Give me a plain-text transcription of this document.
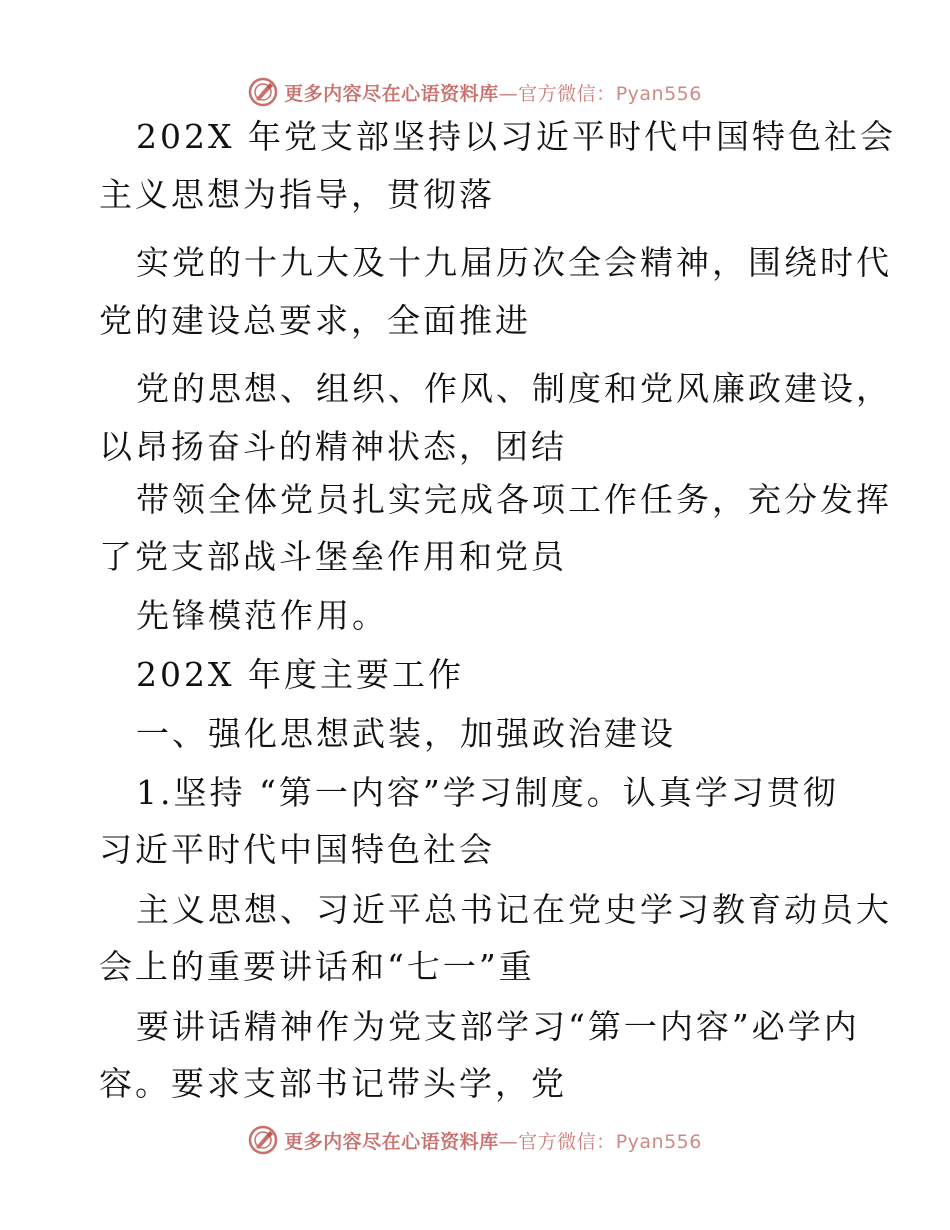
更多内容尽在心语资料库—官方微信：Pyan556
202X 年党支部坚持以习近平时代中国特色社会
主义思想为指导，贯彻落
实党的十九大及十九届历次全会精神，围绕时代
党的建设总要求，全面推进
党的思想、组织、作风、制度和党风廉政建设，
以昂扬奋斗的精神状态，团结
带领全体党员扎实完成各项工作任务，充分发挥
了党支部战斗堡垒作用和党员
先锋模范作用。
202X 年度主要工作
一、强化思想武装，加强政治建设
1.坚持 “第一内容”学习制度。认真学习贯彻
习近平时代中国特色社会
主义思想、习近平总书记在党史学习教育动员大
会上的重要讲话和“七一”重
要讲话精神作为党支部学习“第一内容”必学内
容。要求支部书记带头学，党
更多内容尽在心语资料库—官方微信：Pyan556
